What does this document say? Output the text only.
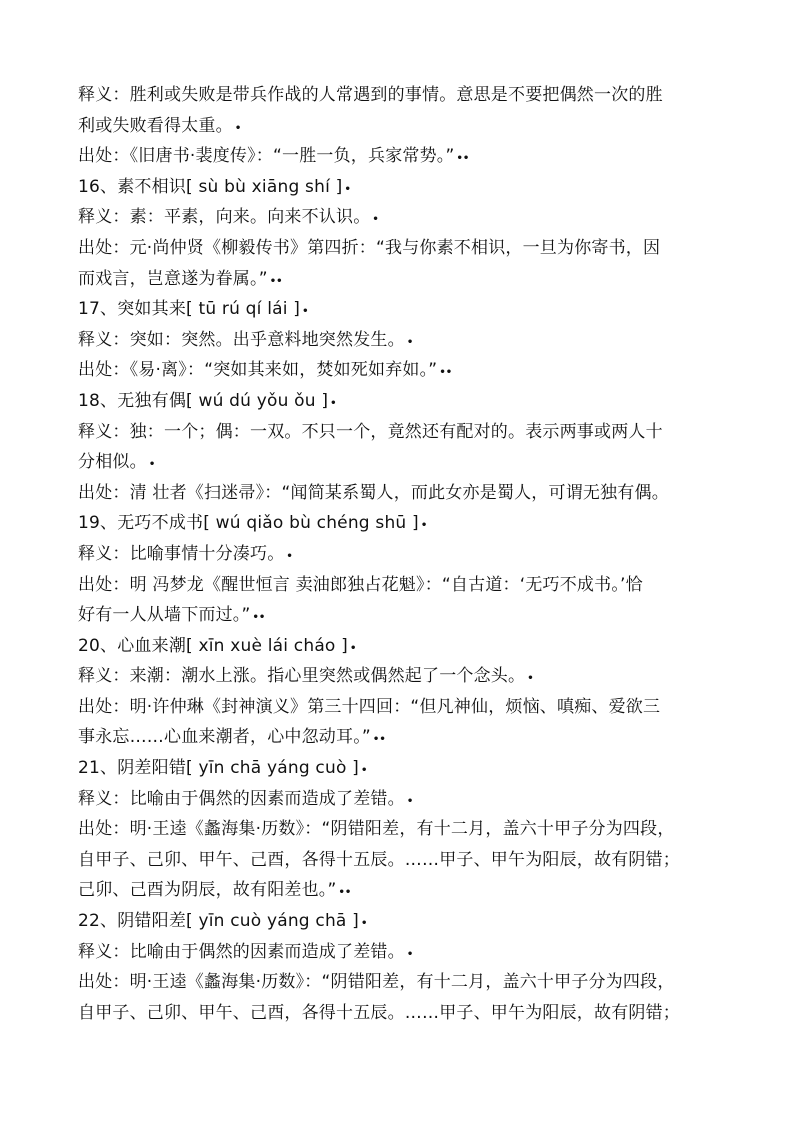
释义：胜利或失败是带兵作战的人常遇到的事情。意思是不要把偶然一次的胜
利或失败看得太重。 •
出处：《旧唐书·裴度传》：“一胜一负，兵家常势。” ••
16、素不相识[ sù bù xiāng shí ] •
释义：素：平素，向来。向来不认识。 •
出处：元·尚仲贤《柳毅传书》第四折：“我与你素不相识，一旦为你寄书，因
而戏言，岂意遂为眷属。” ••
17、突如其来[ tū rú qí lái ] •
释义：突如：突然。出乎意料地突然发生。 •
出处：《易·离》：“突如其来如，焚如死如弃如。” ••
18、无独有偶[ wú dú yǒu ǒu ] •
释义：独：一个；偶：一双。不只一个，竟然还有配对的。表示两事或两人十
分相似。 •
出处：清 壮者《扫迷帚》：“闻简某系蜀人，而此女亦是蜀人，可谓无独有偶。
19、无巧不成书[ wú qiǎo bù chéng shū ] •
释义：比喻事情十分凑巧。 •
出处：明 冯梦龙《醒世恒言 卖油郎独占花魁》：“自古道：‘无巧不成书。’恰
好有一人从墙下而过。” ••
20、心血来潮[ xīn xuè lái cháo ] •
释义：来潮：潮水上涨。指心里突然或偶然起了一个念头。 •
出处：明·许仲琳《封神演义》第三十四回：“但凡神仙，烦恼、嗔痴、爱欲三
事永忘……心血来潮者，心中忽动耳。” ••
21、阴差阳错[ yīn chā yáng cuò ] •
释义：比喻由于偶然的因素而造成了差错。 •
出处：明·王逵《蠡海集·历数》：“阴错阳差，有十二月，盖六十甲子分为四段，
自甲子、己卯、甲午、己酉，各得十五辰。……甲子、甲午为阳辰，故有阴错；
己卯、己酉为阴辰，故有阳差也。” ••
22、阴错阳差[ yīn cuò yáng chā ] •
释义：比喻由于偶然的因素而造成了差错。 •
出处：明·王逵《蠡海集·历数》：“阴错阳差，有十二月，盖六十甲子分为四段，
自甲子、己卯、甲午、己酉，各得十五辰。……甲子、甲午为阳辰，故有阴错；
